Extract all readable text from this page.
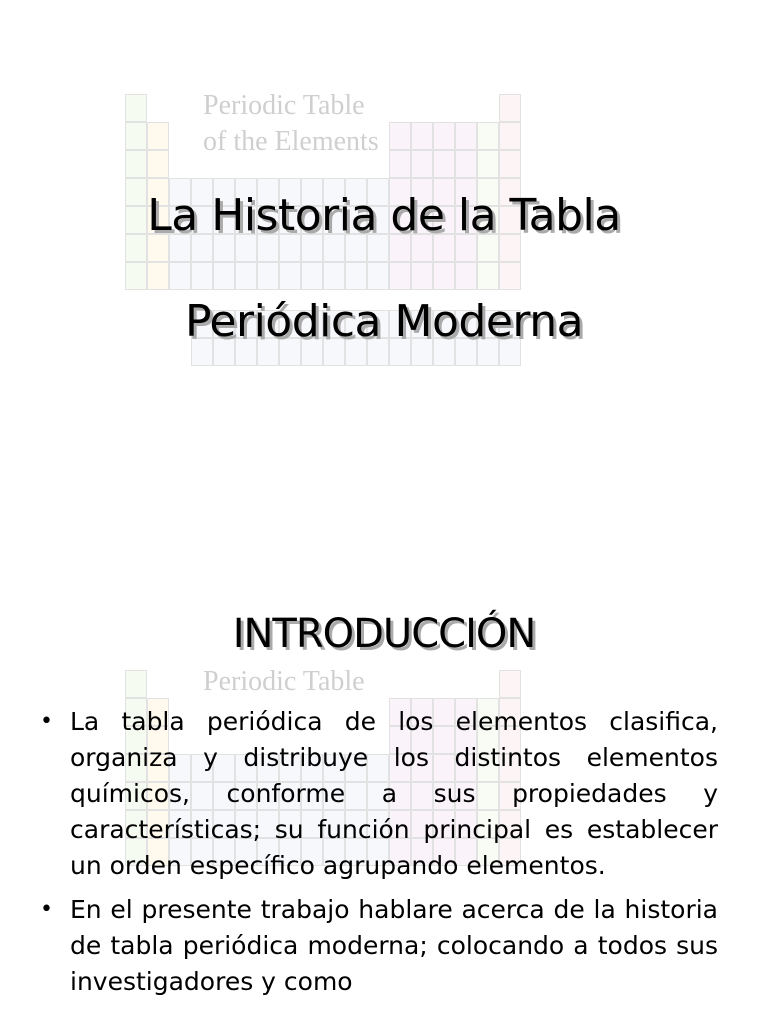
Periodic Table
of the Elements
La Historia de la Tabla
Periódica Moderna
Periodic Table
INTRODUCCIÓN
• La tabla periódica de los elementos clasifica, organiza y distribuye los distintos elementos químicos, conforme a sus propiedades y características; su función principal es establecer un orden específico agrupando elementos.
• En el presente trabajo hablare acerca de la historia de tabla periódica moderna; colocando a todos sus investigadores y como
